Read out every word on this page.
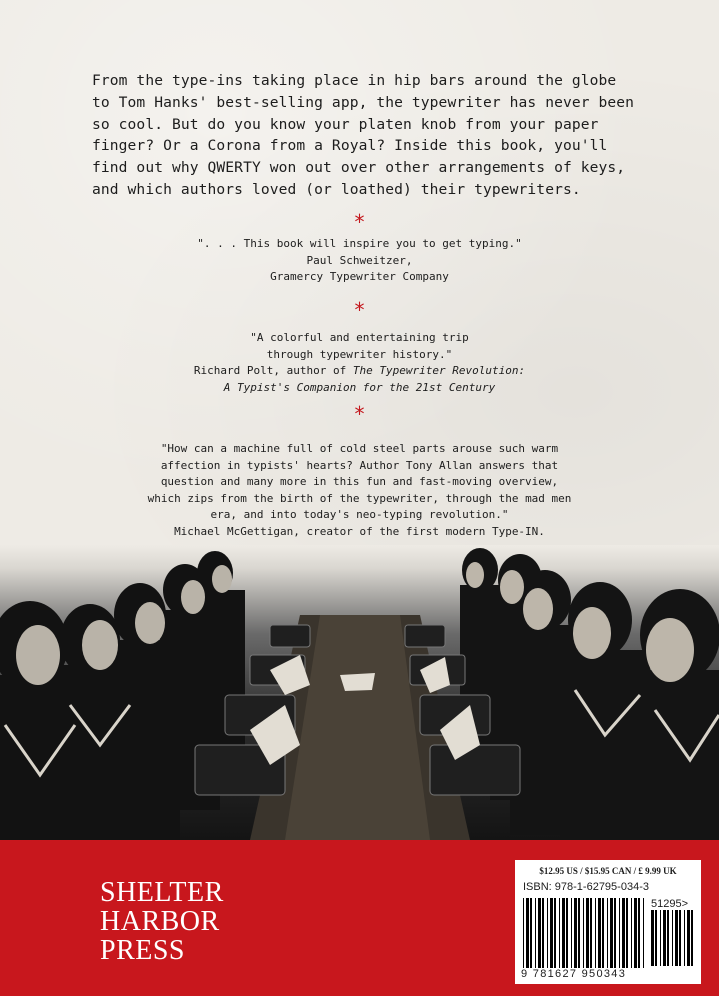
From the type-ins taking place in hip bars around the globe
to Tom Hanks' best-selling app, the typewriter has never been
so cool. But do you know your platen knob from your paper
finger? Or a Corona from a Royal? Inside this book, you'll
find out why QWERTY won out over other arrangements of keys,
and which authors loved (or loathed) their typewriters.
*

". . . This book will inspire you to get typing."

Paul Schweitzer,

Gramercy Typewriter Company

*

"A colorful and entertaining trip

through typewriter history."

Richard Polt, author of The Typewriter Revolution:

A Typist's Companion for the 21st Century

*

"How can a machine full of cold steel parts arouse such warm

affection in typists' hearts? Author Tony Allan answers that

question and many more in this fun and fast-moving overview,

which zips from the birth of the typewriter, through the mad men

era, and into today's neo-typing revolution."

Michael McGettigan, creator of the first modern Type-IN.

SHELTER
HARBOR
PRESS
$12.95 US / $15.95 CAN / £ 9.99 UK
ISBN: 978-1-62795-034-3
51295>
9 781627 950343
